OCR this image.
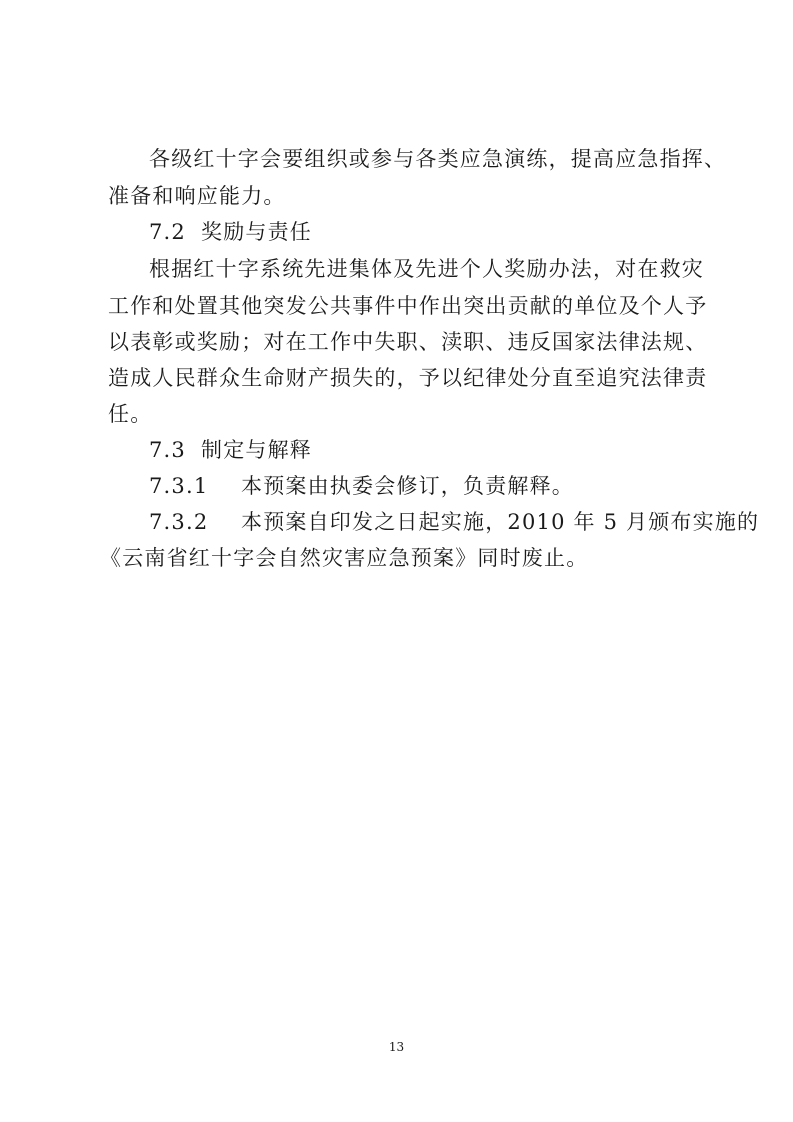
各级红十字会要组织或参与各类应急演练，提高应急指挥、
准备和响应能力。
7.2 奖励与责任
根据红十字系统先进集体及先进个人奖励办法，对在救灾
工作和处置其他突发公共事件中作出突出贡献的单位及个人予
以表彰或奖励；对在工作中失职、渎职、违反国家法律法规、
造成人民群众生命财产损失的，予以纪律处分直至追究法律责
任。
7.3 制定与解释
7.3.1 本预案由执委会修订，负责解释。
7.3.2 本预案自印发之日起实施，2010 年 5 月颁布实施的
《云南省红十字会自然灾害应急预案》同时废止。
13
